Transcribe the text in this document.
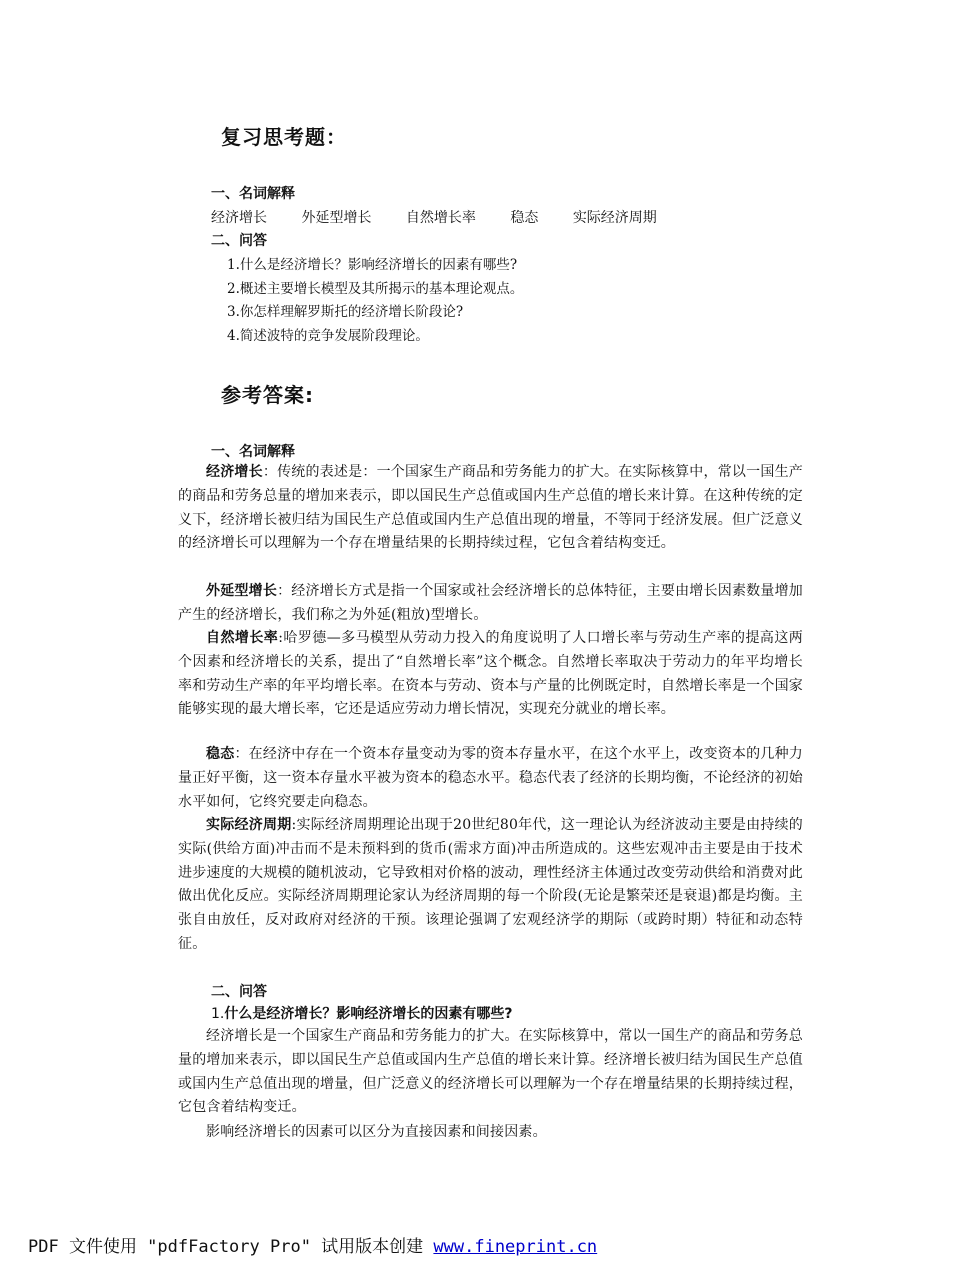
复习思考题：
一、名词解释
经济增长 外延型增长 自然增长率 稳态 实际经济周期
二、问答
1.什么是经济增长？影响经济增长的因素有哪些?
2.概述主要增长模型及其所揭示的基本理论观点。
3.你怎样理解罗斯托的经济增长阶段论?
4.简述波特的竞争发展阶段理论。
参考答案:
一、名词解释
经济增长：传统的表述是：一个国家生产商品和劳务能力的扩大。在实际核算中，常以一国生产的商品和劳务总量的增加来表示，即以国民生产总值或国内生产总值的增长来计算。在这种传统的定义下，经济增长被归结为国民生产总值或国内生产总值出现的增量，不等同于经济发展。但广泛意义的经济增长可以理解为一个存在增量结果的长期持续过程，它包含着结构变迁。
外延型增长：经济增长方式是指一个国家或社会经济增长的总体特征，主要由增长因素数量增加产生的经济增长，我们称之为外延(粗放)型增长。
自然增长率:哈罗德—多马模型从劳动力投入的角度说明了人口增长率与劳动生产率的提高这两个因素和经济增长的关系，提出了“自然增长率”这个概念。自然增长率取决于劳动力的年平均增长率和劳动生产率的年平均增长率。在资本与劳动、资本与产量的比例既定时，自然增长率是一个国家能够实现的最大增长率，它还是适应劳动力增长情况，实现充分就业的增长率。
稳态：在经济中存在一个资本存量变动为零的资本存量水平，在这个水平上，改变资本的几种力量正好平衡，这一资本存量水平被为资本的稳态水平。稳态代表了经济的长期均衡，不论经济的初始水平如何，它终究要走向稳态。
实际经济周期:实际经济周期理论出现于20世纪80年代，这一理论认为经济波动主要是由持续的实际(供给方面)冲击而不是未预料到的货币(需求方面)冲击所造成的。这些宏观冲击主要是由于技术进步速度的大规模的随机波动，它导致相对价格的波动，理性经济主体通过改变劳动供给和消费对此做出优化反应。实际经济周期理论家认为经济周期的每一个阶段(无论是繁荣还是衰退)都是均衡。主张自由放任，反对政府对经济的干预。该理论强调了宏观经济学的期际（或跨时期）特征和动态特征。
二、问答
1.什么是经济增长？影响经济增长的因素有哪些?
经济增长是一个国家生产商品和劳务能力的扩大。在实际核算中，常以一国生产的商品和劳务总量的增加来表示，即以国民生产总值或国内生产总值的增长来计算。经济增长被归结为国民生产总值或国内生产总值出现的增量，但广泛意义的经济增长可以理解为一个存在增量结果的长期持续过程，它包含着结构变迁。
影响经济增长的因素可以区分为直接因素和间接因素。
PDF 文件使用 "pdfFactory Pro" 试用版本创建 www.fineprint.cn
